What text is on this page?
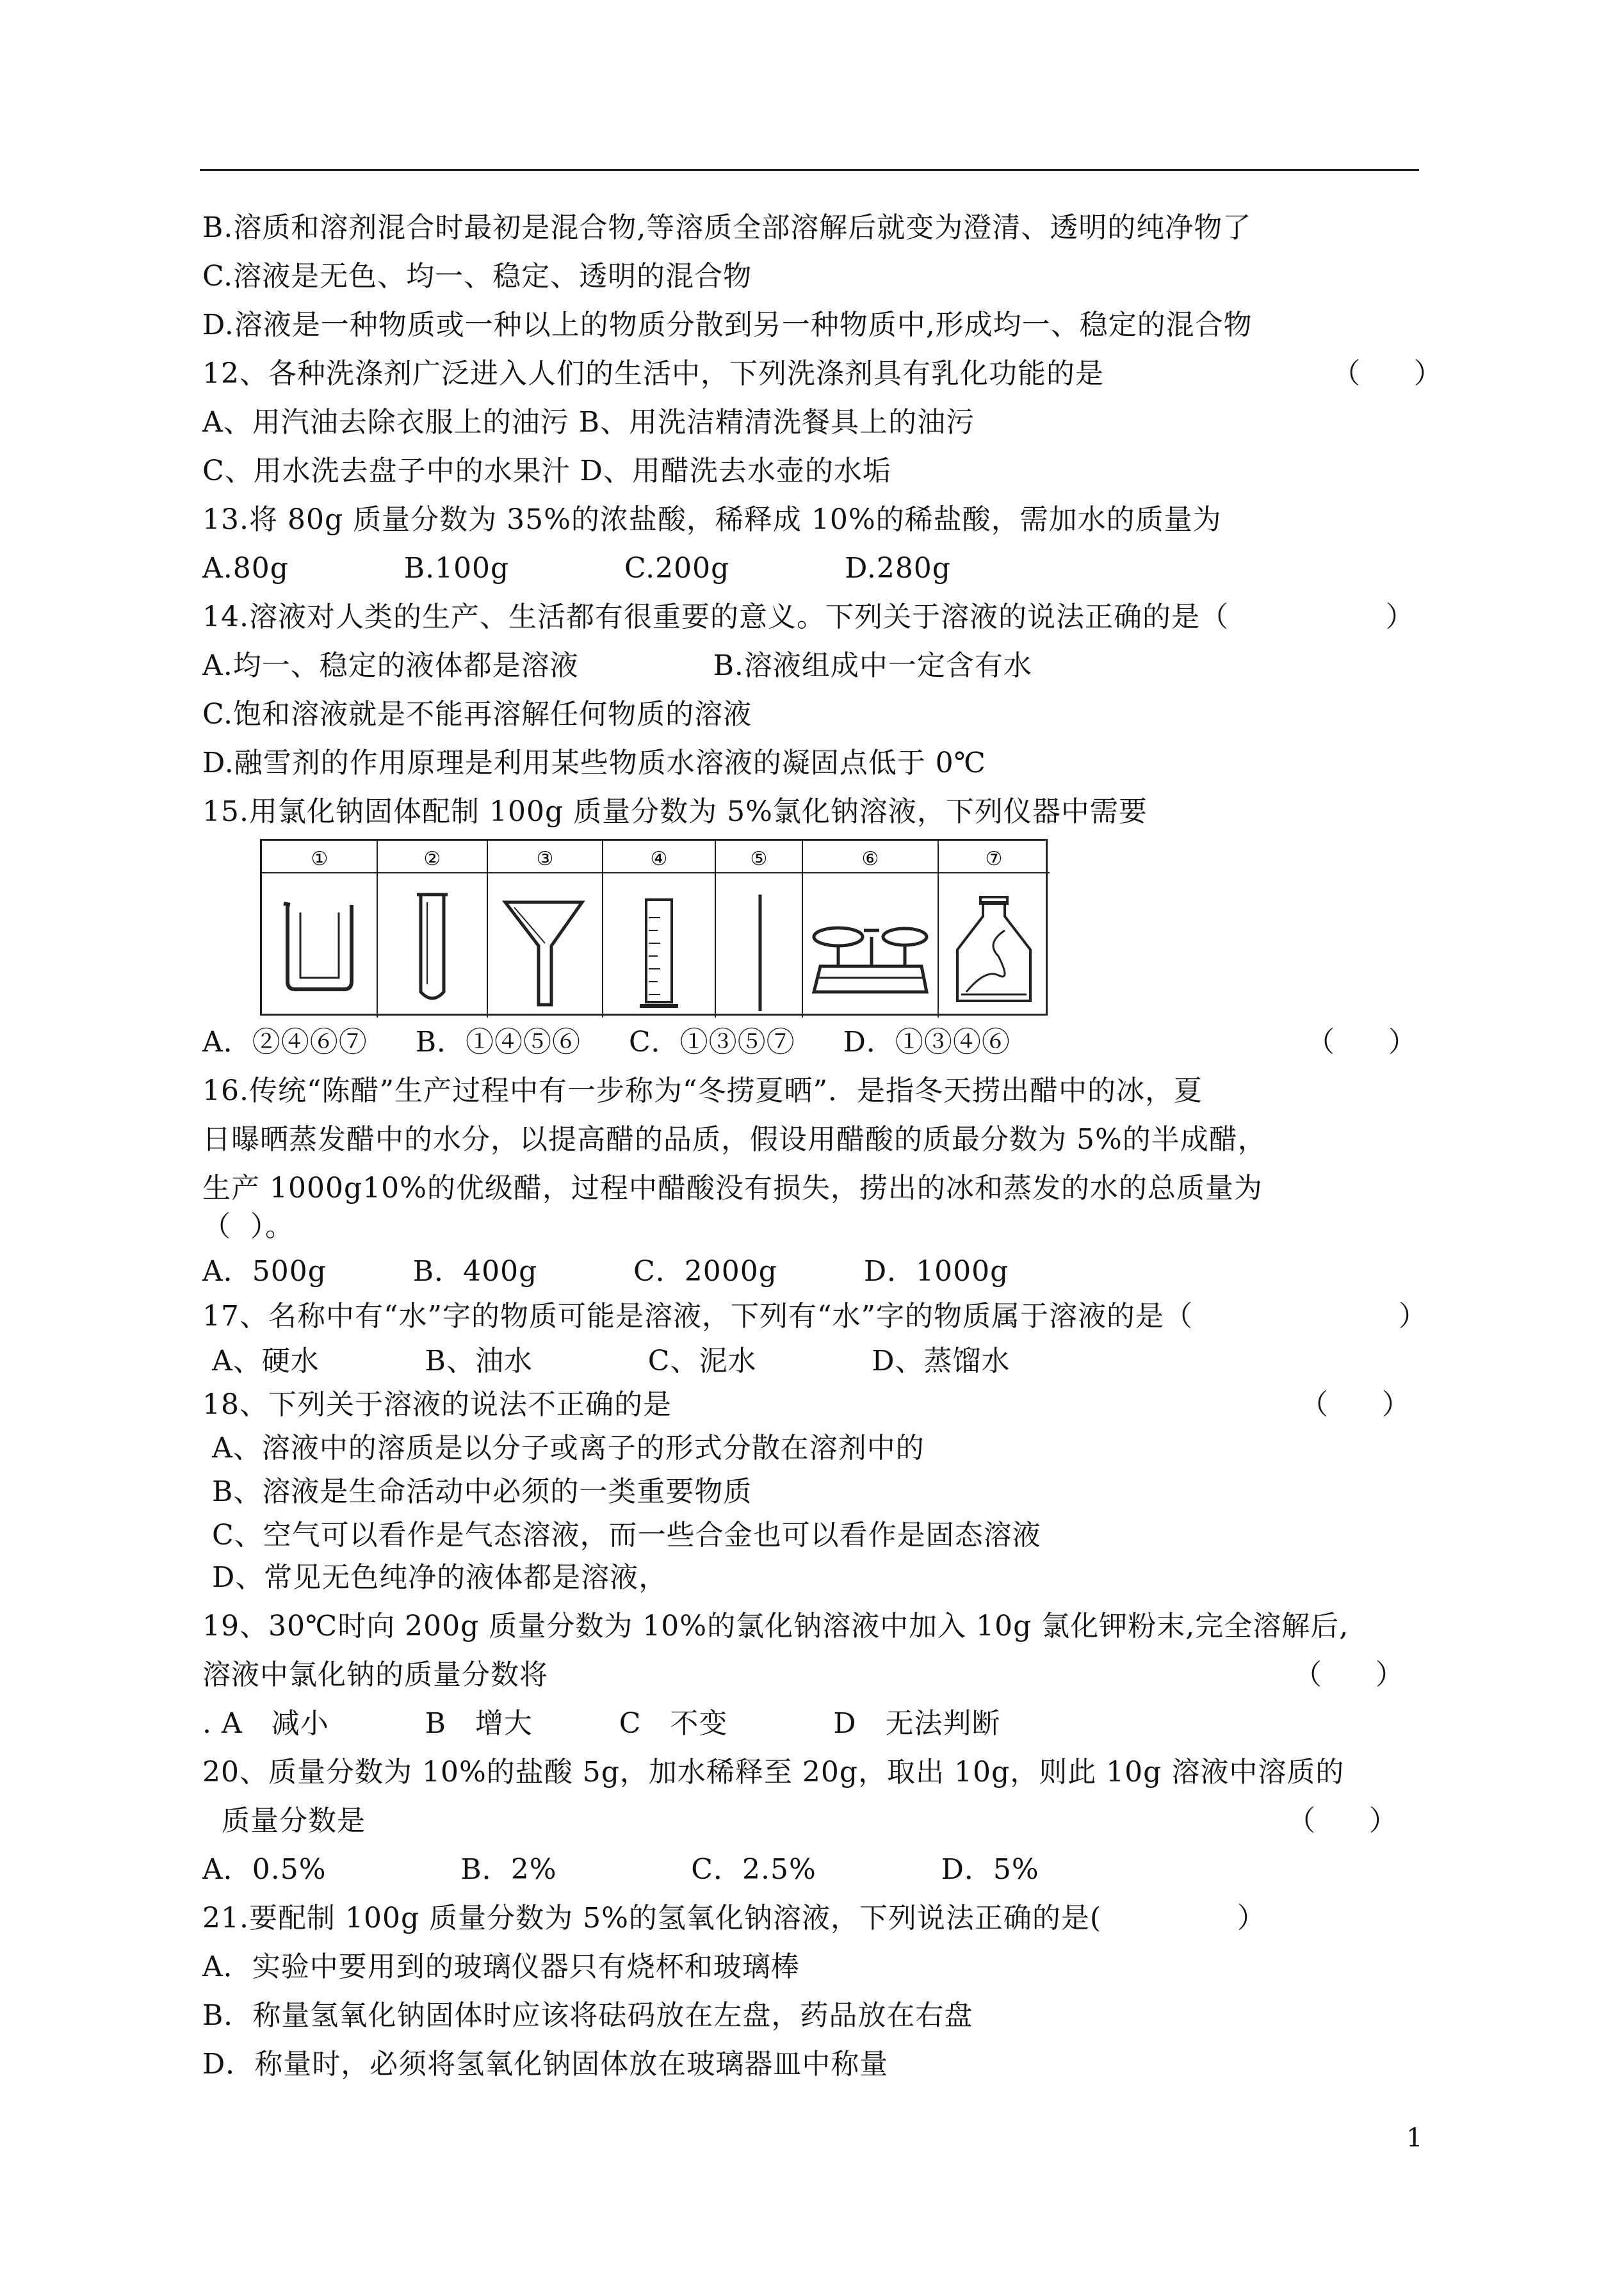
B.溶质和溶剂混合时最初是混合物,等溶质全部溶解后就变为澄清、透明的纯净物了
C.溶液是无色、均一、稳定、透明的混合物
D.溶液是一种物质或一种以上的物质分散到另一种物质中,形成均一、稳定的混合物
12、各种洗涤剂广泛进入人们的生活中，下列洗涤剂具有乳化功能的是	（      ）
A、用汽油去除衣服上的油污 B、用洗洁精清洗餐具上的油污
C、用水洗去盘子中的水果汁 D、用醋洗去水壶的水垢
13.将 80g 质量分数为 35%的浓盐酸，稀释成 10%的稀盐酸，需加水的质量为
A.80g            B.100g            C.200g            D.280g
14.溶液对人类的生产、生活都有很重要的意义。下列关于溶液的说法正确的是（	）
A.均一、稳定的液体都是溶液              B.溶液组成中一定含有水
C.饱和溶液就是不能再溶解任何物质的溶液
D.融雪剂的作用原理是利用某些物质水溶液的凝固点低于 0℃
15.用氯化钠固体配制 100g 质量分数为 5%氯化钠溶液，下列仪器中需要
①	②	③	④	⑤	⑥	⑦
A．②④⑥⑦     B．①④⑤⑥     C．①③⑤⑦     D．①③④⑥	（      ）
16.传统“陈醋”生产过程中有一步称为“冬捞夏晒”．是指冬天捞出醋中的冰，夏
日曝晒蒸发醋中的水分，以提高醋的品质，假设用醋酸的质最分数为 5%的半成醋，
生产 1000g10%的优级醋，过程中醋酸没有损失，捞出的冰和蒸发的水的总质量为
（  ）。
A．500g         B．400g          C．2000g         D．1000g
17、名称中有“水”字的物质可能是溶液，下列有“水”字的物质属于溶液的是（	）
A、硬水           B、油水            C、泥水            D、蒸馏水
18、下列关于溶液的说法不正确的是	（      ）
A、溶液中的溶质是以分子或离子的形式分散在溶剂中的
B、溶液是生命活动中必须的一类重要物质
C、空气可以看作是气态溶液，而一些合金也可以看作是固态溶液
D、常见无色纯净的液体都是溶液，
19、30℃时向 200g 质量分数为 10%的氯化钠溶液中加入 10g 氯化钾粉末,完全溶解后,
溶液中氯化钠的质量分数将	（      ）
. A   减小          B   增大         C   不变           D   无法判断
20、质量分数为 10%的盐酸 5g，加水稀释至 20g，取出 10g，则此 10g 溶液中溶质的
质量分数是	（      ）
A．0.5%              B．2%              C．2.5%             D．5%
21.要配制 100g 质量分数为 5%的氢氧化钠溶液，下列说法正确的是( ）
A．实验中要用到的玻璃仪器只有烧杯和玻璃棒
B．称量氢氧化钠固体时应该将砝码放在左盘，药品放在右盘
D．称量时，必须将氢氧化钠固体放在玻璃器皿中称量
1
